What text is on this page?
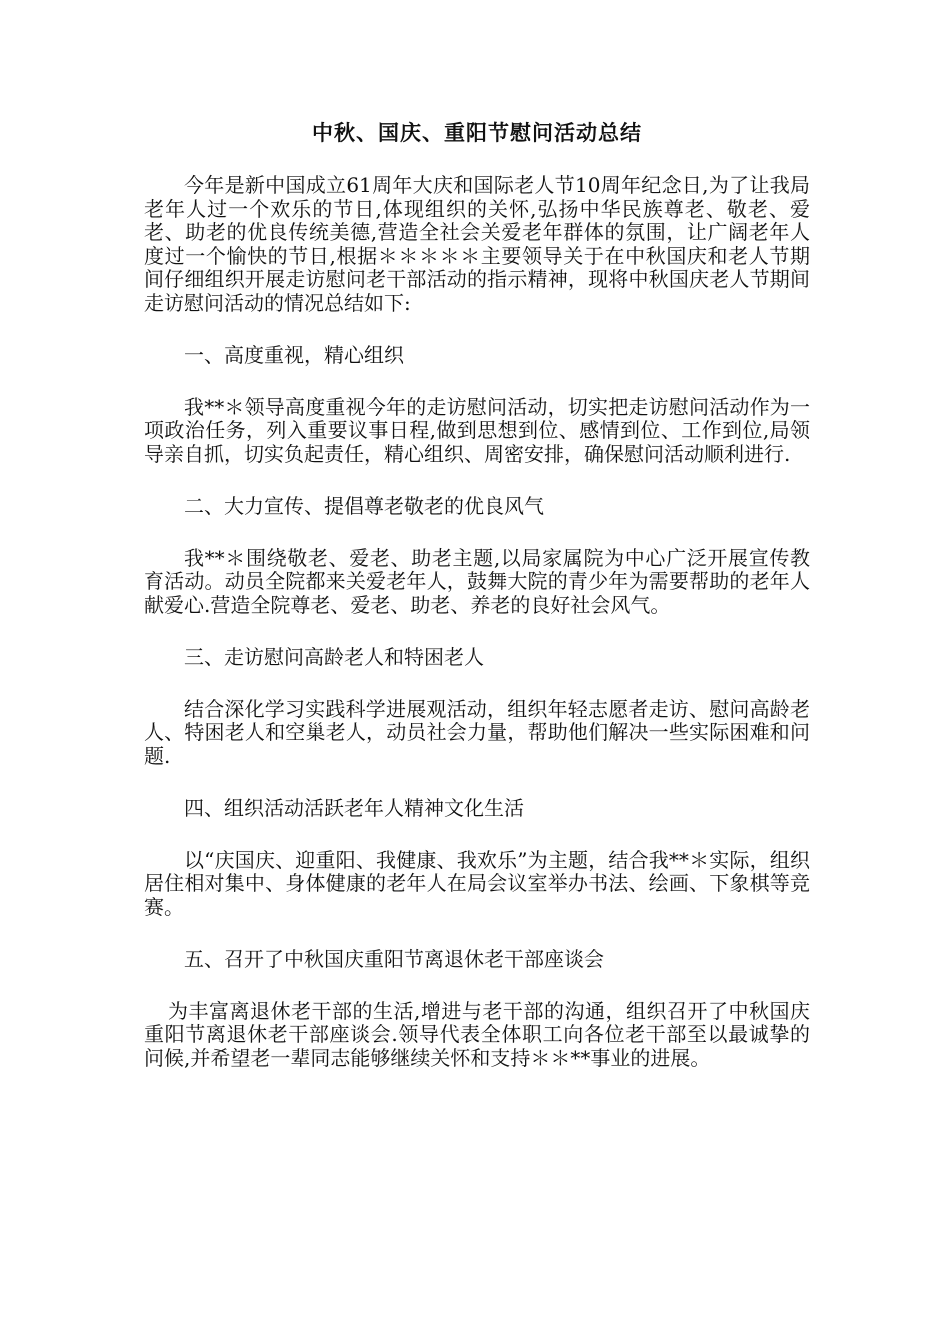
中秋、国庆、重阳节慰问活动总结

今年是新中国成立61周年大庆和国际老人节10周年纪念日,为了让我局老年人过一个欢乐的节日,体现组织的关怀,弘扬中华民族尊老、敬老、爱老、助老的优良传统美德,营造全社会关爱老年群体的氛围，让广阔老年人度过一个愉快的节日,根据＊＊＊＊＊主要领导关于在中秋国庆和老人节期间仔细组织开展走访慰问老干部活动的指示精神，现将中秋国庆老人节期间走访慰问活动的情况总结如下:

一、高度重视，精心组织

我**＊领导高度重视今年的走访慰问活动，切实把走访慰问活动作为一项政治任务，列入重要议事日程,做到思想到位、感情到位、工作到位,局领导亲自抓，切实负起责任，精心组织、周密安排，确保慰问活动顺利进行.

二、大力宣传、提倡尊老敬老的优良风气

我**＊围绕敬老、爱老、助老主题,以局家属院为中心广泛开展宣传教育活动。动员全院都来关爱老年人，鼓舞大院的青少年为需要帮助的老年人献爱心.营造全院尊老、爱老、助老、养老的良好社会风气。

三、走访慰问高龄老人和特困老人

结合深化学习实践科学进展观活动，组织年轻志愿者走访、慰问高龄老人、特困老人和空巢老人，动员社会力量，帮助他们解决一些实际困难和问题.

四、组织活动活跃老年人精神文化生活

以“庆国庆、迎重阳、我健康、我欢乐”为主题，结合我**＊实际，组织居住相对集中、身体健康的老年人在局会议室举办书法、绘画、下象棋等竞赛。

五、召开了中秋国庆重阳节离退休老干部座谈会

为丰富离退休老干部的生活,增进与老干部的沟通，组织召开了中秋国庆重阳节离退休老干部座谈会.领导代表全体职工向各位老干部至以最诚挚的问候,并希望老一辈同志能够继续关怀和支持＊＊**事业的进展。
